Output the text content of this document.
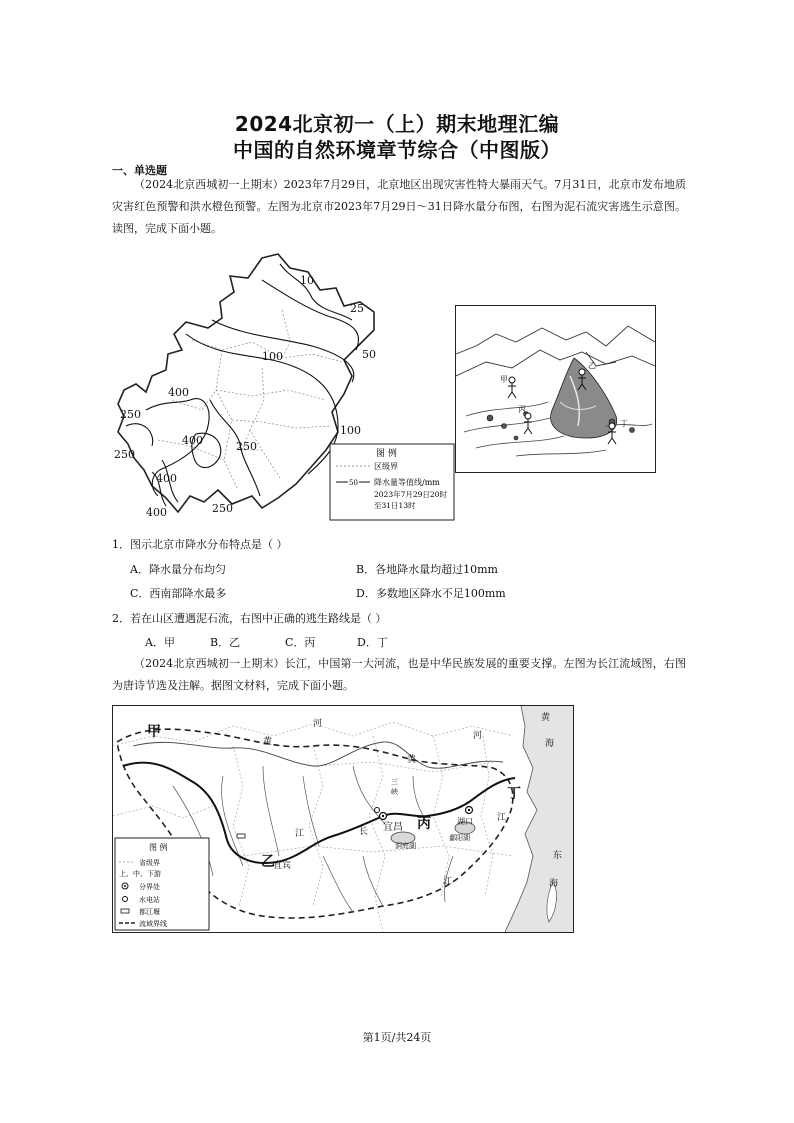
2024北京初一（上）期末地理汇编
中国的自然环境章节综合（中图版）
一、单选题
（2024北京西城初一上期末）2023年7月29日，北京地区出现灾害性特大暴雨天气。7月31日，北京市发布地质灾害红色预警和洪水橙色预警。左图为北京市2023年7月29日～31日降水量分布图，右图为泥石流灾害逃生示意图。读图，完成下面小题。
10
25
50
100
100
400
400
400
250
250
250
400	250
图 例
区级界
50 降水量等值线/mm
2023年7月29日20时
至31日13时
甲
乙
丙
丁
1．图示北京市降水分布特点是（ ）
A．降水量分布均匀	B．各地降水量均超过10mm
C．西南部降水最多	D．多数地区降水不足100mm
2．若在山区遭遇泥石流，右图中正确的逃生路线是（ ）
A．甲	B．乙	C．丙	D．丁
（2024北京西城初一上期末）长江，中国第一大河流，也是中华民族发展的重要支撑。左图为长江流域图，右图为唐诗节选及注解。据图文材料，完成下面小题。
甲
乙
丙
丁
河
黄
黄
河
黄
海
东
海
三
峡
宜昌
宜宾
湖口
洞庭湖
鄱阳湖
长
江
江
江
图 例
省级界
上、中、下游
分界处
水电站
都江堰
流域界线
第1页/共24页
